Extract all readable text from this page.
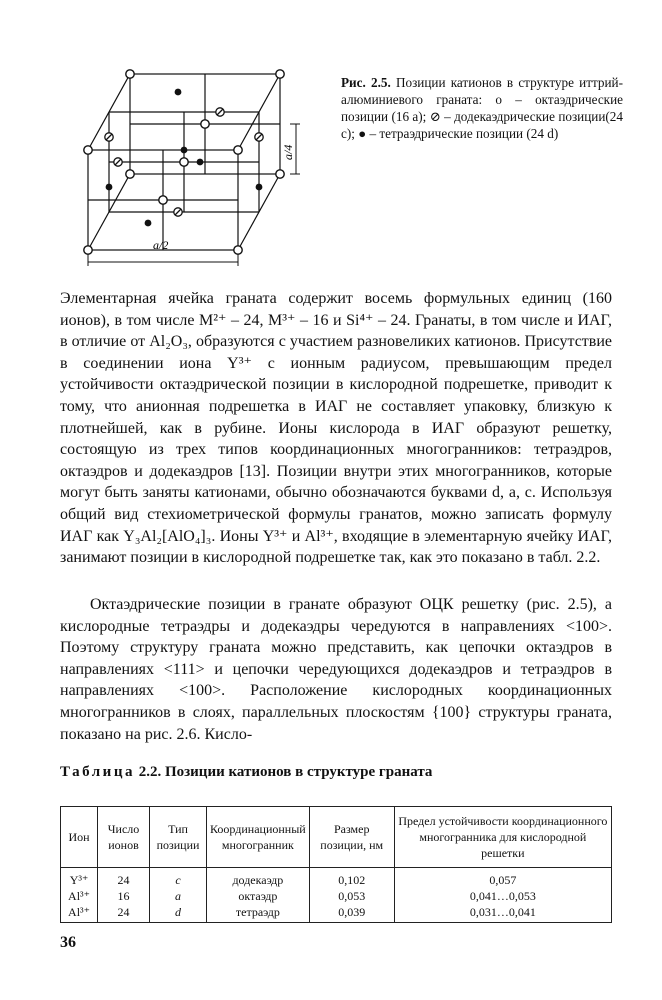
a/2
a/4
Рис. 2.5. Позиции катионов в структуре иттрий-алюминиевого граната: о – октаэдрические позиции (16 a); ⊘ – додекаэдрические позиции(24 c); ● – тетраэдрические позиции (24 d)

Элементарная ячейка граната содержит восемь формульных единиц (160 ионов), в том числе M²⁺ – 24, M³⁺ – 16 и Si⁴⁺ – 24. Гранаты, в том числе и ИАГ, в отличие от Al₂O₃, образуются с участием разновеликих катионов. Присутствие в соединении иона Y³⁺ с ионным радиусом, превышающим предел устойчивости октаэдрической позиции в кислородной подрешетке, приводит к тому, что анионная подрешетка в ИАГ не составляет упаковку, близкую к плотнейшей, как в рубине. Ионы кислорода в ИАГ образуют решетку, состоящую из трех типов координационных многогранников: тетраэдров, октаэдров и додекаэдров [13]. Позиции внутри этих многогранников, которые могут быть заняты катионами, обычно обозначаются буквами d, a, c. Используя общий вид стехиометрической формулы гранатов, можно записать формулу ИАГ как Y₃Al₂[AlO₄]₃. Ионы Y³⁺ и Al³⁺, входящие в элементарную ячейку ИАГ, занимают позиции в кислородной подрешетке так, как это показано в табл. 2.2.

Октаэдрические позиции в гранате образуют ОЦК решетку (рис. 2.5), а кислородные тетраэдры и додекаэдры чередуются в направлениях <100>. Поэтому структуру граната можно представить, как цепочки октаэдров в направлениях <111> и цепочки чередующихся додекаэдров и тетраэдров в направлениях <100>. Расположение кислородных координационных многогранников в слоях, параллельных плоскостям {100} структуры граната, показано на рис. 2.6. Кисло-

Таблица 2.2. Позиции катионов в структуре граната
Ион	Число ионов	Тип позиции	Координационный многогранник	Размер позиции, нм	Предел устойчивости координационного многогранника для кислородной решетки
Y³⁺	24	c	додекаэдр	0,102	0,057
Al³⁺	16	a	октаэдр	0,053	0,041…0,053
Al³⁺	24	d	тетраэдр	0,039	0,031…0,041
36
